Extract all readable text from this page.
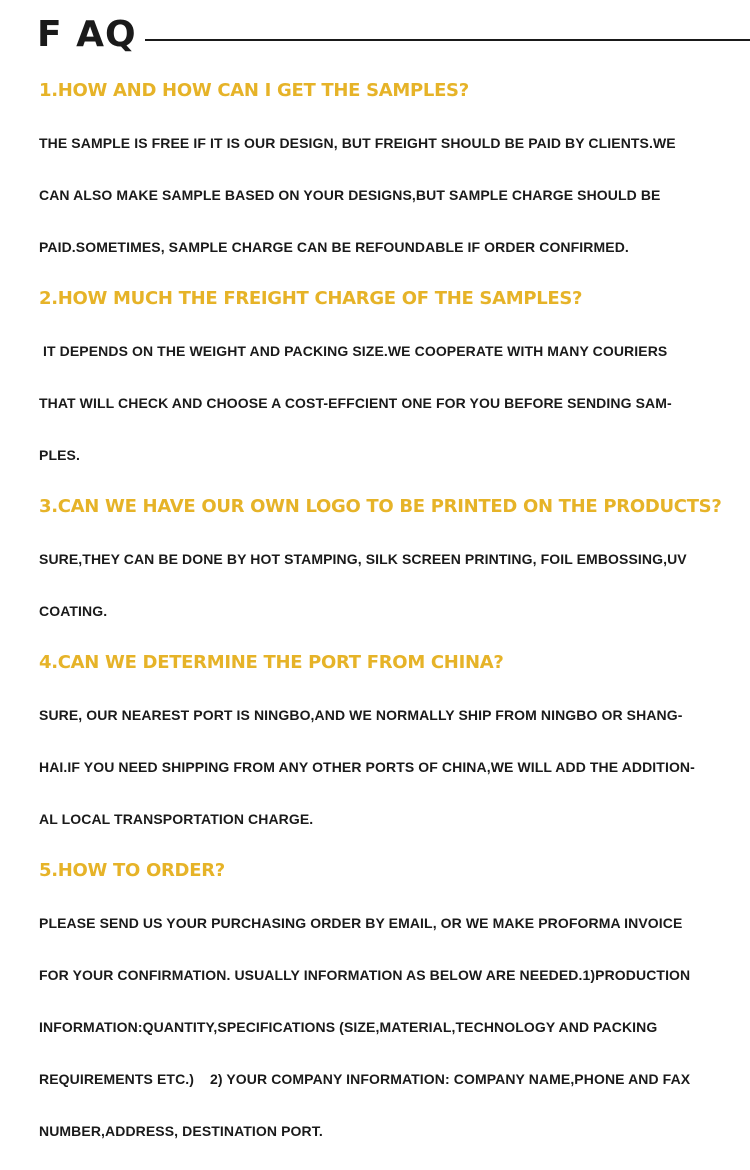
F AQ
1.HOW AND HOW CAN I GET THE SAMPLES?

THE SAMPLE IS FREE IF IT IS OUR DESIGN, BUT FREIGHT SHOULD BE PAID BY CLIENTS.WE

CAN ALSO MAKE SAMPLE BASED ON YOUR DESIGNS,BUT SAMPLE CHARGE SHOULD BE

PAID.SOMETIMES, SAMPLE CHARGE CAN BE REFOUNDABLE IF ORDER CONFIRMED.

2.HOW MUCH THE FREIGHT CHARGE OF THE SAMPLES?

IT DEPENDS ON THE WEIGHT AND PACKING SIZE.WE COOPERATE WITH MANY COURIERS

THAT WILL CHECK AND CHOOSE A COST-EFFCIENT ONE FOR YOU BEFORE SENDING SAM-

PLES.

3.CAN WE HAVE OUR OWN LOGO TO BE PRINTED ON THE PRODUCTS?

SURE,THEY CAN BE DONE BY HOT STAMPING, SILK SCREEN PRINTING, FOIL EMBOSSING,UV

COATING.

4.CAN WE DETERMINE THE PORT FROM CHINA?

SURE, OUR NEAREST PORT IS NINGBO,AND WE NORMALLY SHIP FROM NINGBO OR SHANG-

HAI.IF YOU NEED SHIPPING FROM ANY OTHER PORTS OF CHINA,WE WILL ADD THE ADDITION-

AL LOCAL TRANSPORTATION CHARGE.

5.HOW TO ORDER?

PLEASE SEND US YOUR PURCHASING ORDER BY EMAIL, OR WE MAKE PROFORMA INVOICE

FOR YOUR CONFIRMATION. USUALLY INFORMATION AS BELOW ARE NEEDED.1)PRODUCTION

INFORMATION:QUANTITY,SPECIFICATIONS (SIZE,MATERIAL,TECHNOLOGY AND PACKING

REQUIREMENTS ETC.)    2) YOUR COMPANY INFORMATION: COMPANY NAME,PHONE AND FAX

NUMBER,ADDRESS, DESTINATION PORT.
